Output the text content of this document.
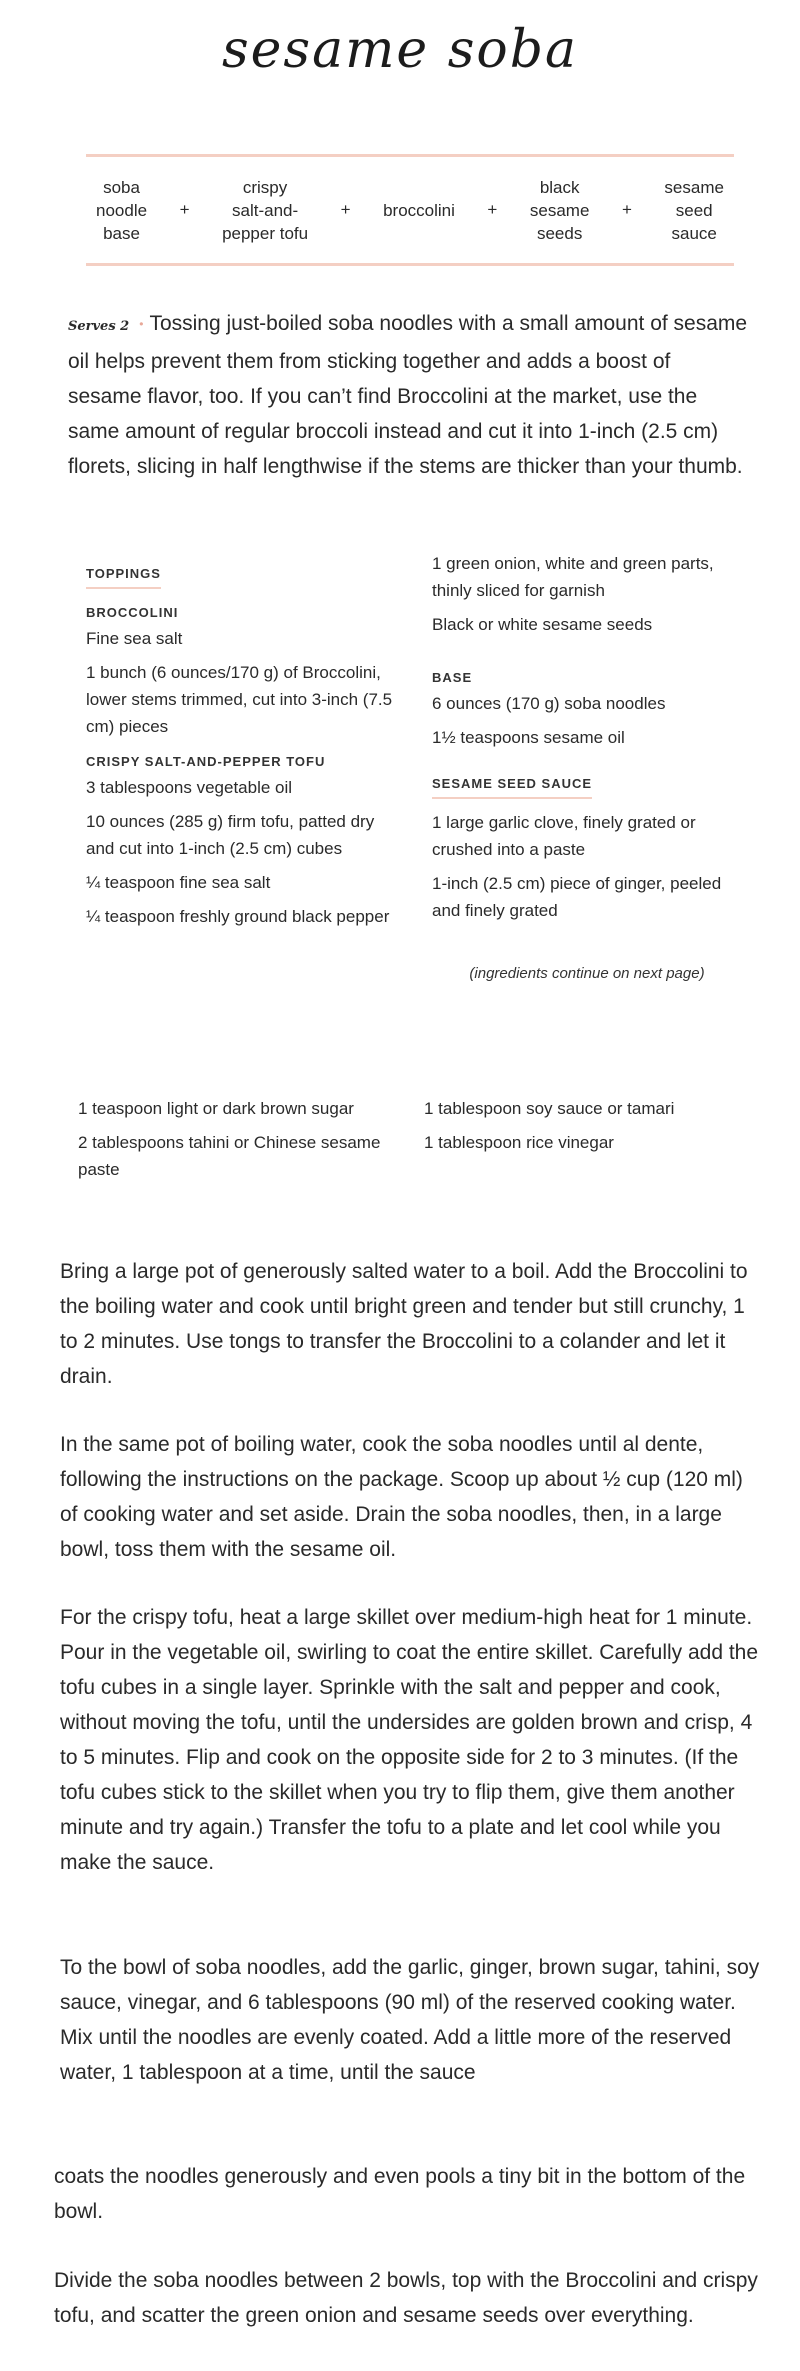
sesame soba
soba
noodle
base
+
crispy
salt-and-
pepper tofu
+ broccolini +
black
sesame
seeds
+
sesame
seed
sauce
Serves 2 • Tossing just-boiled soba noodles with a small amount of sesame oil helps prevent them from sticking together and adds a boost of sesame flavor, too. If you can’t find Broccolini at the market, use the same amount of regular broccoli instead and cut it into 1-inch (2.5 cm) florets, slicing in half lengthwise if the stems are thicker than your thumb.
TOPPINGS
BROCCOLINI

Fine sea salt

1 bunch (6 ounces/170 g) of Broccolini, lower stems trimmed, cut into 3-inch (7.5 cm) pieces

CRISPY SALT-AND-PEPPER TOFU

3 tablespoons vegetable oil

10 ounces (285 g) firm tofu, patted dry and cut into 1-inch (2.5 cm) cubes

¼ teaspoon fine sea salt

¼ teaspoon freshly ground black pepper

1 green onion, white and green parts, thinly sliced for garnish

Black or white sesame seeds

BASE

6 ounces (170 g) soba noodles

1½ teaspoons sesame oil

SESAME SEED SAUCE

1 large garlic clove, finely grated or crushed into a paste

1-inch (2.5 cm) piece of ginger, peeled and finely grated

(ingredients continue on next page)

1 teaspoon light or dark brown sugar

2 tablespoons tahini or Chinese sesame paste

1 tablespoon soy sauce or tamari

1 tablespoon rice vinegar

Bring a large pot of generously salted water to a boil. Add the Broccolini to the boiling water and cook until bright green and tender but still crunchy, 1 to 2 minutes. Use tongs to transfer the Broccolini to a colander and let it drain.

In the same pot of boiling water, cook the soba noodles until al dente, following the instructions on the package. Scoop up about ½ cup (120 ml) of cooking water and set aside. Drain the soba noodles, then, in a large bowl, toss them with the sesame oil.

For the crispy tofu, heat a large skillet over medium-high heat for 1 minute. Pour in the vegetable oil, swirling to coat the entire skillet. Carefully add the tofu cubes in a single layer. Sprinkle with the salt and pepper and cook, without moving the tofu, until the undersides are golden brown and crisp, 4 to 5 minutes. Flip and cook on the opposite side for 2 to 3 minutes. (If the tofu cubes stick to the skillet when you try to flip them, give them another minute and try again.) Transfer the tofu to a plate and let cool while you make the sauce.

To the bowl of soba noodles, add the garlic, ginger, brown sugar, tahini, soy sauce, vinegar, and 6 tablespoons (90 ml) of the reserved cooking water. Mix until the noodles are evenly coated. Add a little more of the reserved water, 1 tablespoon at a time, until the sauce

coats the noodles generously and even pools a tiny bit in the bottom of the bowl.

Divide the soba noodles between 2 bowls, top with the Broccolini and crispy tofu, and scatter the green onion and sesame seeds over everything.
